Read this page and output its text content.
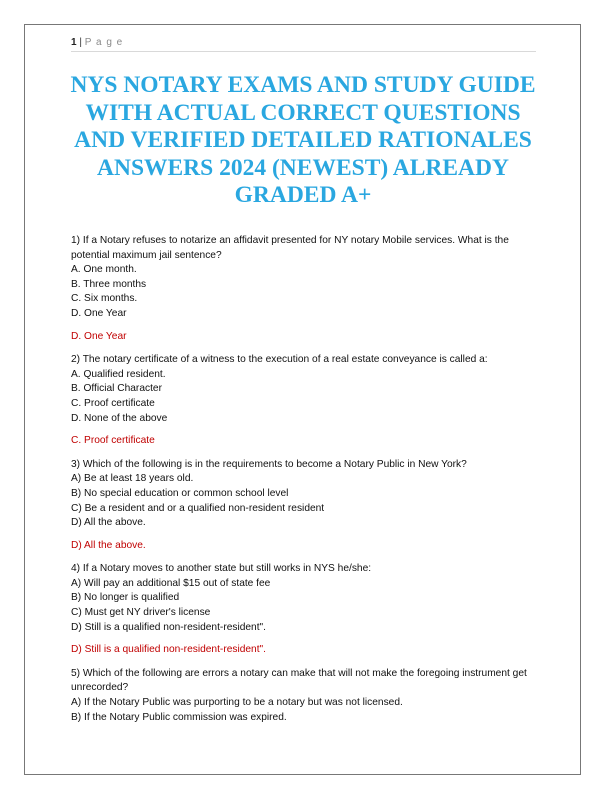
1 | P a g e
NYS NOTARY EXAMS AND STUDY GUIDE WITH ACTUAL CORRECT QUESTIONS AND VERIFIED DETAILED RATIONALES ANSWERS 2024 (NEWEST) ALREADY GRADED A+

1) If a Notary refuses to notarize an affidavit presented for NY notary Mobile services. What is the potential maximum jail sentence?

A. One month.

B. Three months

C. Six months.

D. One Year

D. One Year

2) The notary certificate of a witness to the execution of a real estate conveyance is called a:

A. Qualified resident.

B. Official Character

C. Proof certificate

D. None of the above

C. Proof certificate

3) Which of the following is in the requirements to become a Notary Public in New York?

A) Be at least 18 years old.

B) No special education or common school level

C) Be a resident and or a qualified non-resident resident

D) All the above.

D) All the above.

4) If a Notary moves to another state but still works in NYS he/she:

A) Will pay an additional $15 out of state fee

B) No longer is qualified

C) Must get NY driver's license

D) Still is a qualified non-resident-resident".

D) Still is a qualified non-resident-resident".

5) Which of the following are errors a notary can make that will not make the foregoing instrument get unrecorded?

A) If the Notary Public was purporting to be a notary but was not licensed.

B) If the Notary Public commission was expired.
